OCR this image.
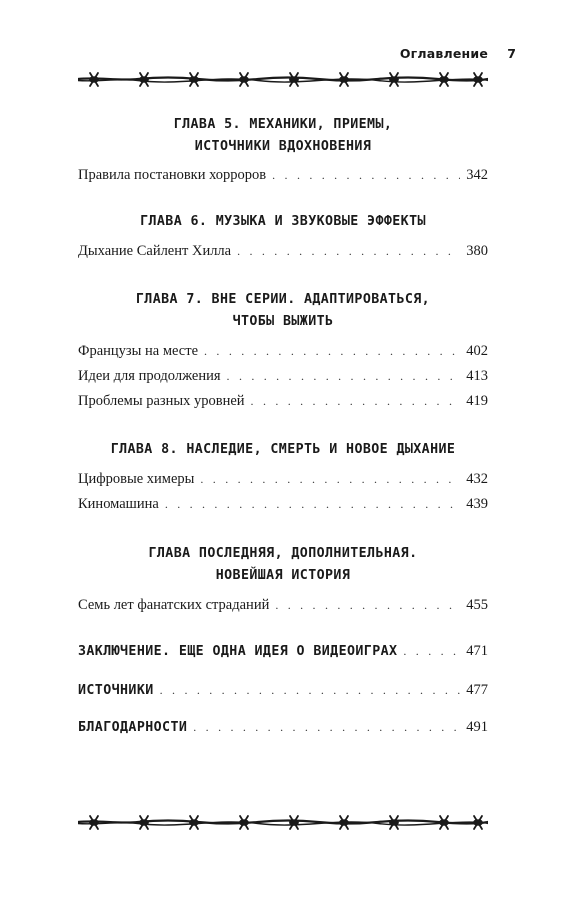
Оглавление 7
ГЛАВА 5. МЕХАНИКИ, ПРИЕМЫ,
ИСТОЧНИКИ ВДОХНОВЕНИЯ
Правила постановки хорроров . . .	342
ГЛАВА 6. МУЗЫКА И ЗВУКОВЫЕ ЭФФЕКТЫ
Дыхание Сайлент Хилла . . .	380
ГЛАВА 7. ВНЕ СЕРИИ. АДАПТИРОВАТЬСЯ,
ЧТОБЫ ВЫЖИТЬ
Французы на месте . . .	402
Идеи для продолжения . . .	413
Проблемы разных уровней . . .	419
ГЛАВА 8. НАСЛЕДИЕ, СМЕРТЬ И НОВОЕ ДЫХАНИЕ
Цифровые химеры . . .	432
Киномашина . . .	439
ГЛАВА ПОСЛЕДНЯЯ, ДОПОЛНИТЕЛЬНАЯ.
НОВЕЙШАЯ ИСТОРИЯ
Семь лет фанатских страданий . . .	455
ЗАКЛЮЧЕНИЕ. ЕЩЕ ОДНА ИДЕЯ О ВИДЕОИГРАХ . . .	471
ИСТОЧНИКИ . . .	477
БЛАГОДАРНОСТИ . . .	491
